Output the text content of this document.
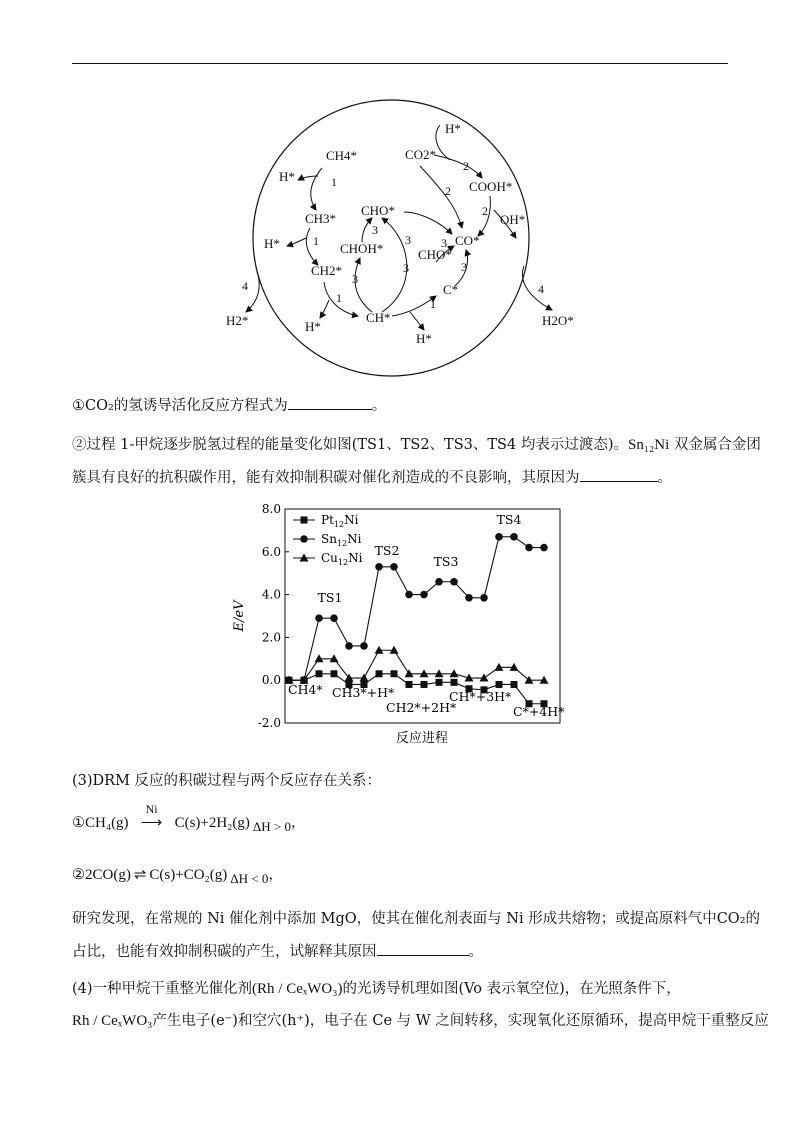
CH4*
H*	1
CH3*
H*	1
CH2*
1
H*
CH*
H*
1
C*
CHO*
3
3
CHO*
CHOH*
3
3
3
3
CO2*
H*
2
2 COOH*
2
OH*
CO*
4
H2*
4
H2O*
①CO₂的氢诱导活化反应方程式为	。
②过程 1-甲烷逐步脱氢过程的能量变化如图(TS1、TS2、TS3、TS4 均表示过渡态)。Sn₁₂Ni 双金属合金团
簇具有良好的抗积碳作用，能有效抑制积碳对催化剂造成的不良影响，其原因为	。
8.0
6.0
4.0
2.0
0.0
-2.0
E/eV
反应进程
$Pt_{12}Ni$
$Sn_{12}Ni$
$Cu_{12}Ni$
TS1
TS2
TS3
TS4
CH4* CH3*+H*
CH2*+2H*
CH*+3H*
C*+4H*
(3)DRM 反应的积碳过程与两个反应存在关系：
①CH₄(g)
Ni
⟶ C(s)+2H₂(g) ΔH > 0，
②2CO(g) ⇌ C(s)+CO₂(g) ΔH < 0，
研究发现，在常规的 Ni 催化剂中添加 MgO，使其在催化剂表面与 Ni 形成共熔物；或提高原料气中CO₂的
占比，也能有效抑制积碳的产生，试解释其原因	。
(4)一种甲烷干重整光催化剂(Rh / CeₓWO₃)的光诱导机理如图(Vo 表示氧空位)，在光照条件下，
Rh / CeₓWO₃产生电子(e⁻)和空穴(h⁺)，电子在 Ce 与 W 之间转移，实现氧化还原循环，提高甲烷干重整反应
